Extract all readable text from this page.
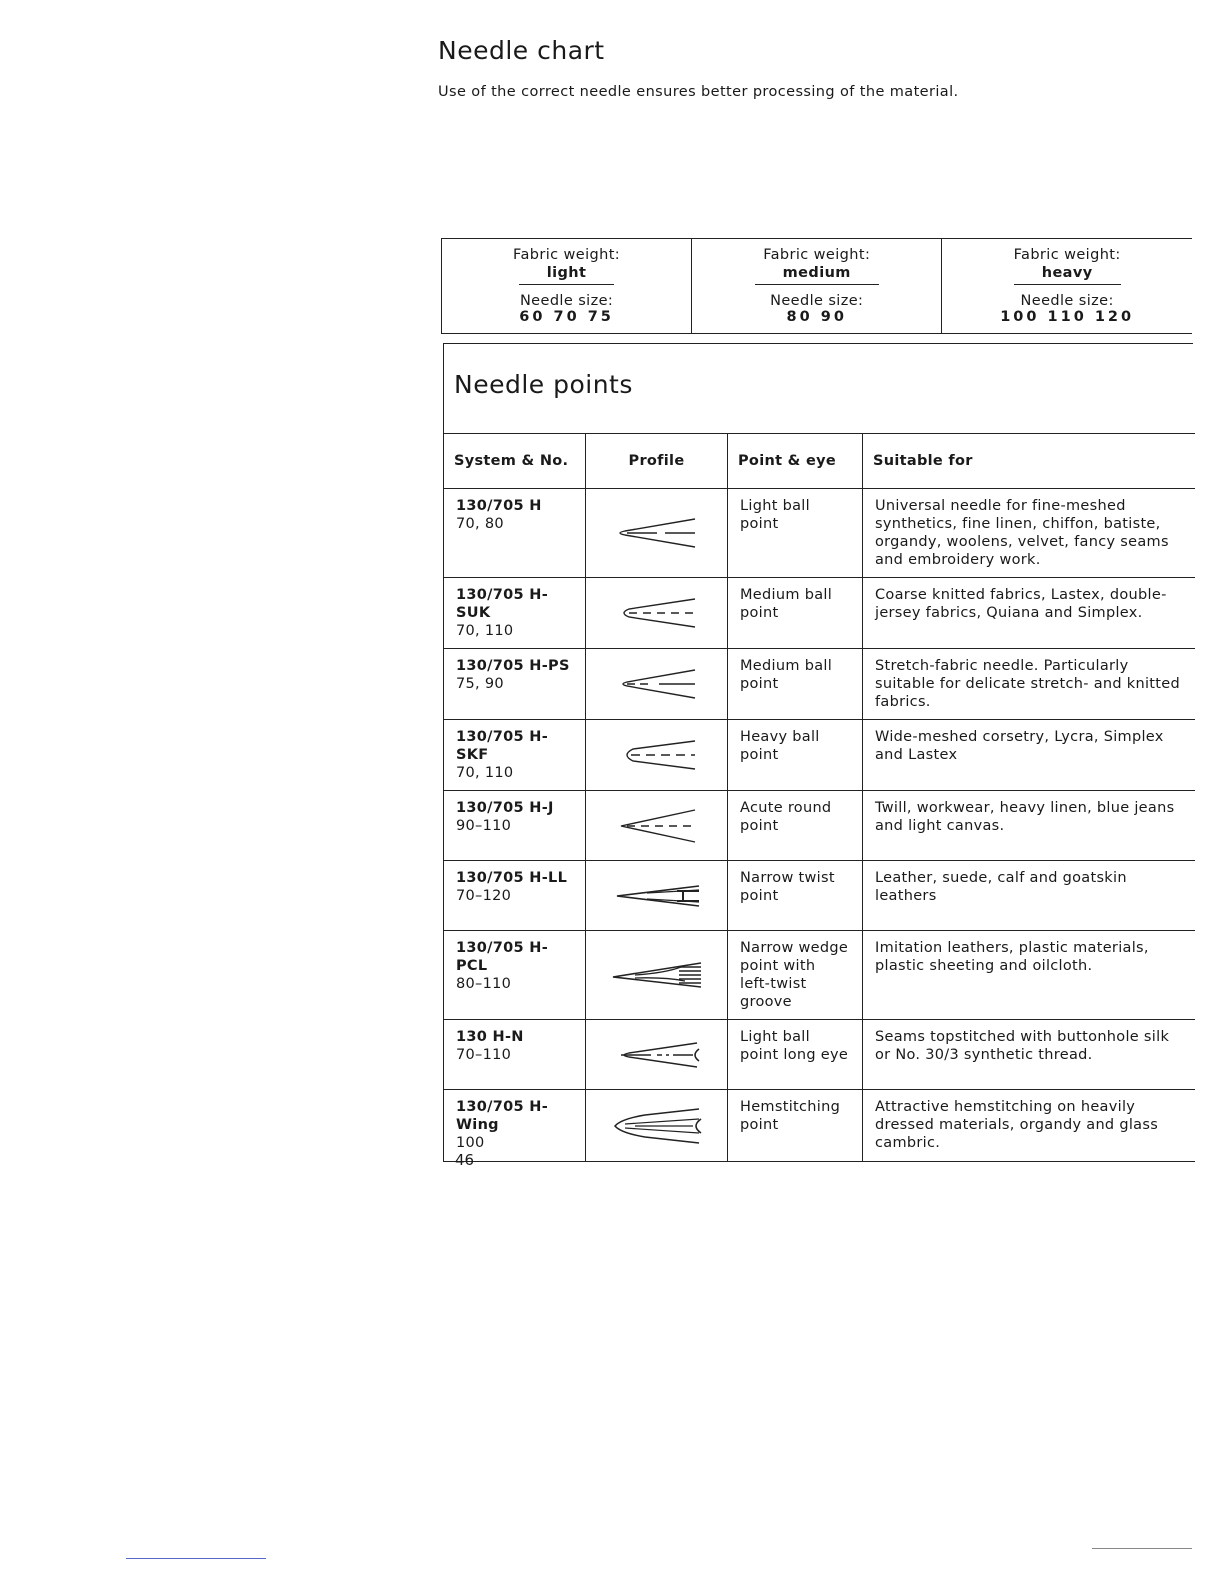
Needle chart
Use of the correct needle ensures better processing of the material.
Fabric weight:
light
Needle size:
60 70 75

Fabric weight:
medium
Needle size:
80 90

Fabric weight:
heavy
Needle size:
100 110 120
Needle points
System & No.	Profile	Point & eye	Suitable for

130/705 H
70, 80		Light ball point	Universal needle for fine-meshed synthetics, fine linen, chiffon, batiste, organdy, woolens, velvet, fancy seams and embroidery work.

130/705 H-SUK
70, 110		Medium ball point	Coarse knitted fabrics, Lastex, double-jersey fabrics, Quiana and Simplex.

130/705 H-PS
75, 90		Medium ball point	Stretch-fabric needle. Particularly suitable for delicate stretch- and knitted fabrics.

130/705 H-SKF
70, 110		Heavy ball point	Wide-meshed corsetry, Lycra, Simplex and Lastex

130/705 H-J
90–110		Acute round point	Twill, workwear, heavy linen, blue jeans and light canvas.

130/705 H-LL
70–120		Narrow twist point	Leather, suede, calf and goatskin leathers

130/705 H-PCL
80–110		Narrow wedge point with left-twist groove	Imitation leathers, plastic materials, plastic sheeting and oilcloth.

130 H-N
70–110		Light ball point long eye	Seams topstitched with buttonhole silk or No. 30/3 synthetic thread.

130/705 H-Wing
100		Hemstitching point	Attractive hemstitching on heavily dressed materials, organdy and glass cambric.
46
